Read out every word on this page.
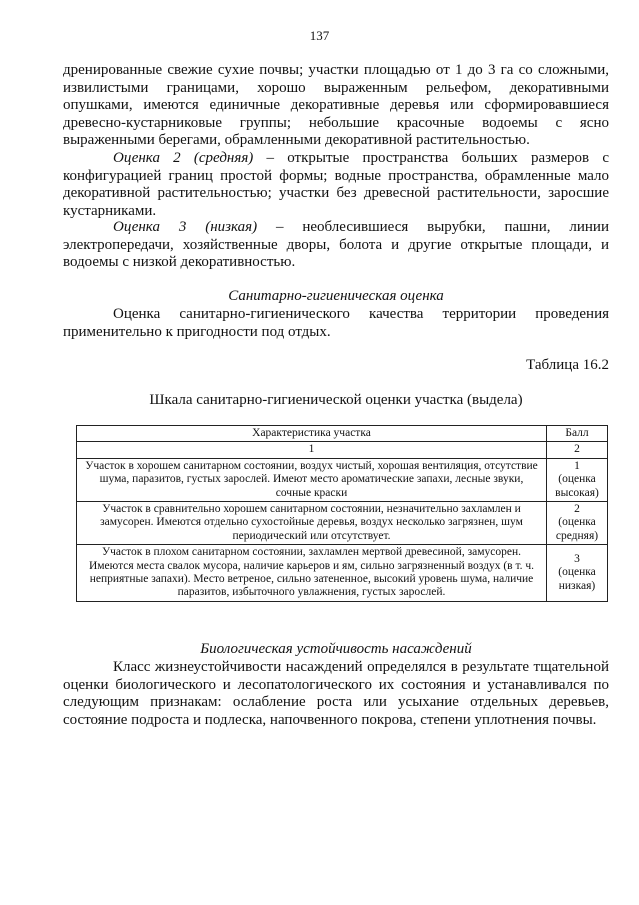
137

дренированные свежие сухие почвы; участки площадью от 1 до 3 га со сложными, извилистыми границами, хорошо выраженным рельефом, декоративными опушками, имеются единичные декоративные деревья или сформировавшиеся древесно-кустарниковые группы; небольшие красочные водоемы с ясно выраженными берегами, обрамленными декоративной растительностью.

Оценка 2 (средняя) – открытые пространства больших размеров с конфигурацией границ простой формы; водные пространства, обрамленные мало декоративной растительностью; участки без древесной растительности, заросшие кустарниками.

Оценка 3 (низкая) – необлесившиеся вырубки, пашни, линии электропередачи, хозяйственные дворы, болота и другие открытые площади, и водоемы с низкой декоративностью.

Санитарно-гигиеническая оценка

Оценка санитарно-гигиенического качества территории проведения применительно к пригодности под отдых.

Таблица 16.2
Шкала санитарно-гигиенической оценки участка (выдела)
Характеристика участка	Балл
1	2
Участок в хорошем санитарном состоянии, воздух чистый, хорошая вентиляция, отсутствие шума, паразитов, густых зарослей. Имеют место ароматические запахи, лесные звуки, сочные краски	1
(оценка высокая)

Участок в сравнительно хорошем санитарном состоянии, незначительно захламлен и замусорен. Имеются отдельно сухостойные деревья, воздух несколько загрязнен, шум периодический или отсутствует.	2
(оценка средняя)

Участок в плохом санитарном состоянии, захламлен мертвой древесиной, замусорен. Имеются места свалок мусора, наличие карьеров и ям, сильно загрязненный воздух (в т. ч. неприятные запахи). Место ветреное, сильно затененное, высокий уровень шума, наличие паразитов, избыточного увлажнения, густых зарослей.	3
(оценка низкая)
Биологическая устойчивость насаждений

Класс жизнеустойчивости насаждений определялся в результате тщательной оценки биологического и лесопатологического их состояния и устанавливался по следующим признакам: ослабление роста или усыхание отдельных деревьев, состояние подроста и подлеска, напочвенного покрова, степени уплотнения почвы.
